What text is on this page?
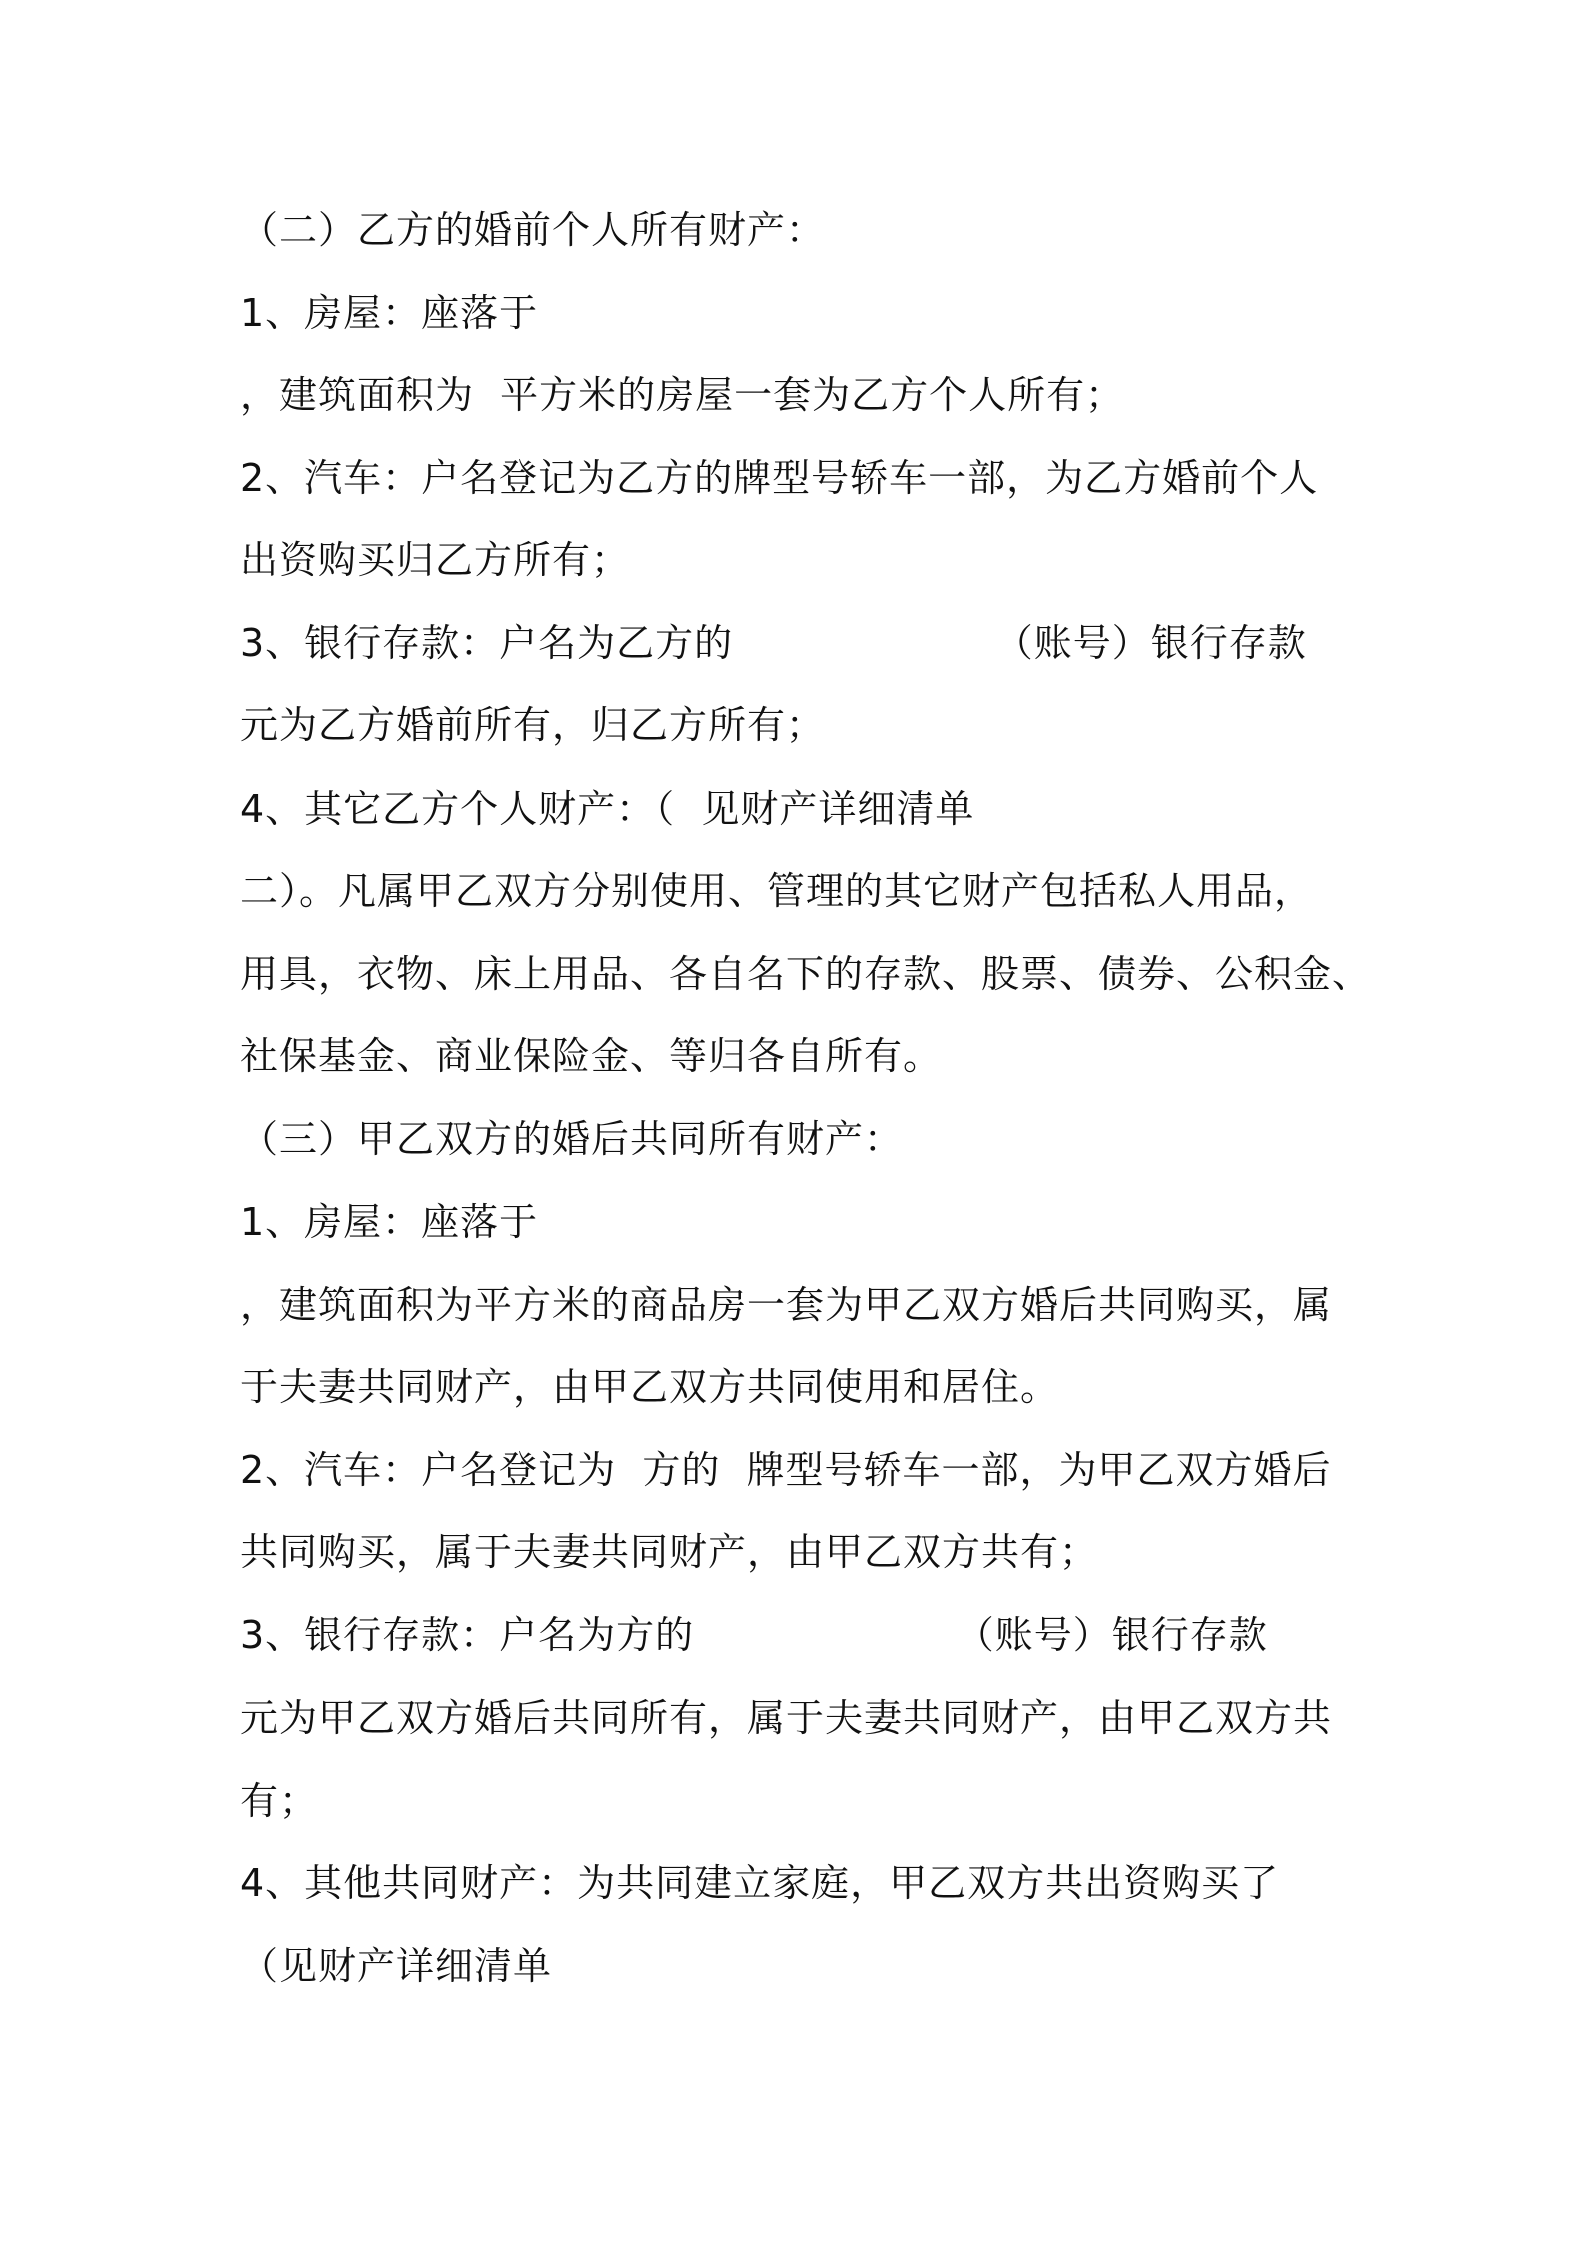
（二）乙方的婚前个人所有财产：
1、房屋：座落于
，建筑面积为  平方米的房屋一套为乙方个人所有；
2、汽车：户名登记为乙方的牌型号轿车一部，为乙方婚前个人
出资购买归乙方所有；
3、银行存款：户名为乙方的                    （账号）银行存款
元为乙方婚前所有，归乙方所有；
4、其它乙方个人财产：（  见财产详细清单
二）。凡属甲乙双方分别使用、管理的其它财产包括私人用品，
用具，衣物、床上用品、各自名下的存款、股票、债券、公积金、
社保基金、商业保险金、等归各自所有。
（三）甲乙双方的婚后共同所有财产：
1、房屋：座落于
，建筑面积为平方米的商品房一套为甲乙双方婚后共同购买，属
于夫妻共同财产，由甲乙双方共同使用和居住。
2、汽车：户名登记为  方的  牌型号轿车一部，为甲乙双方婚后
共同购买，属于夫妻共同财产，由甲乙双方共有；
3、银行存款：户名为方的                    （账号）银行存款
元为甲乙双方婚后共同所有，属于夫妻共同财产，由甲乙双方共
有；
4、其他共同财产：为共同建立家庭，甲乙双方共出资购买了
（见财产详细清单
